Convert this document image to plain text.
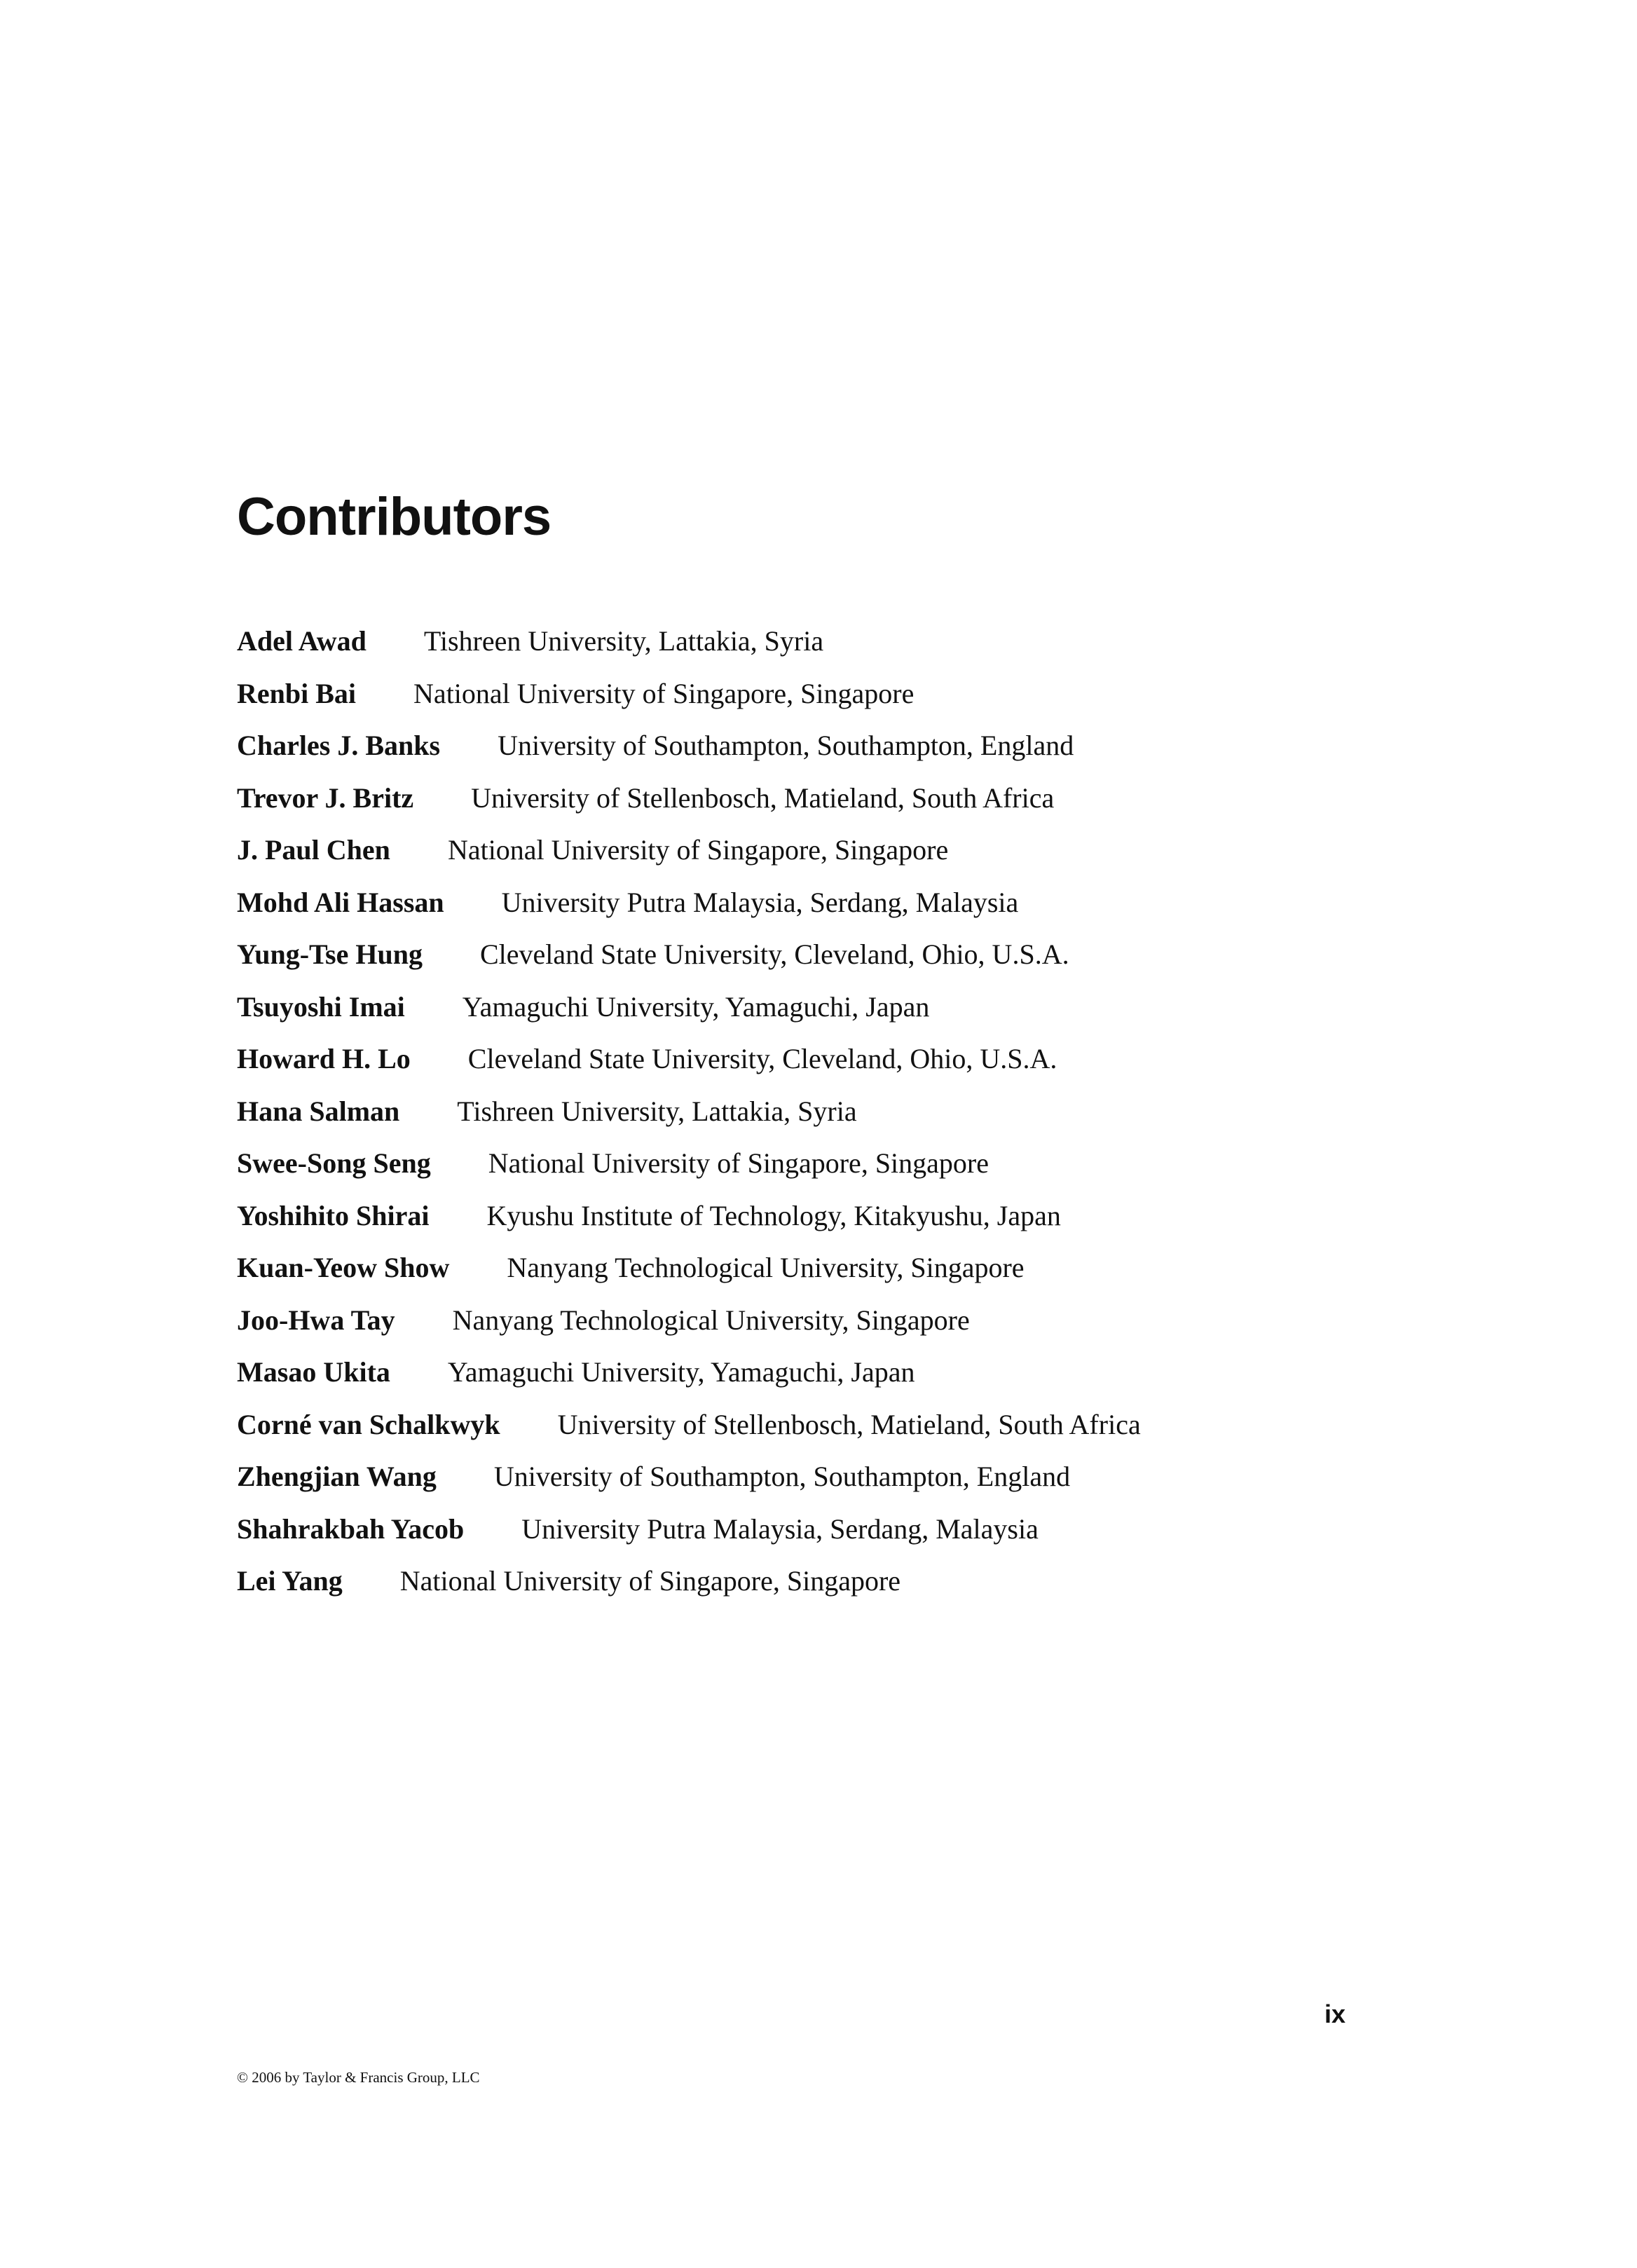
Contributors
Adel Awad Tishreen University, Lattakia, Syria
Renbi Bai National University of Singapore, Singapore
Charles J. Banks University of Southampton, Southampton, England
Trevor J. Britz University of Stellenbosch, Matieland, South Africa
J. Paul Chen National University of Singapore, Singapore
Mohd Ali Hassan University Putra Malaysia, Serdang, Malaysia
Yung-Tse Hung Cleveland State University, Cleveland, Ohio, U.S.A.
Tsuyoshi Imai Yamaguchi University, Yamaguchi, Japan
Howard H. Lo Cleveland State University, Cleveland, Ohio, U.S.A.
Hana Salman Tishreen University, Lattakia, Syria
Swee-Song Seng National University of Singapore, Singapore
Yoshihito Shirai Kyushu Institute of Technology, Kitakyushu, Japan
Kuan-Yeow Show Nanyang Technological University, Singapore
Joo-Hwa Tay Nanyang Technological University, Singapore
Masao Ukita Yamaguchi University, Yamaguchi, Japan
Corné van Schalkwyk University of Stellenbosch, Matieland, South Africa
Zhengjian Wang University of Southampton, Southampton, England
Shahrakbah Yacob University Putra Malaysia, Serdang, Malaysia
Lei Yang National University of Singapore, Singapore
ix
© 2006 by Taylor & Francis Group, LLC
